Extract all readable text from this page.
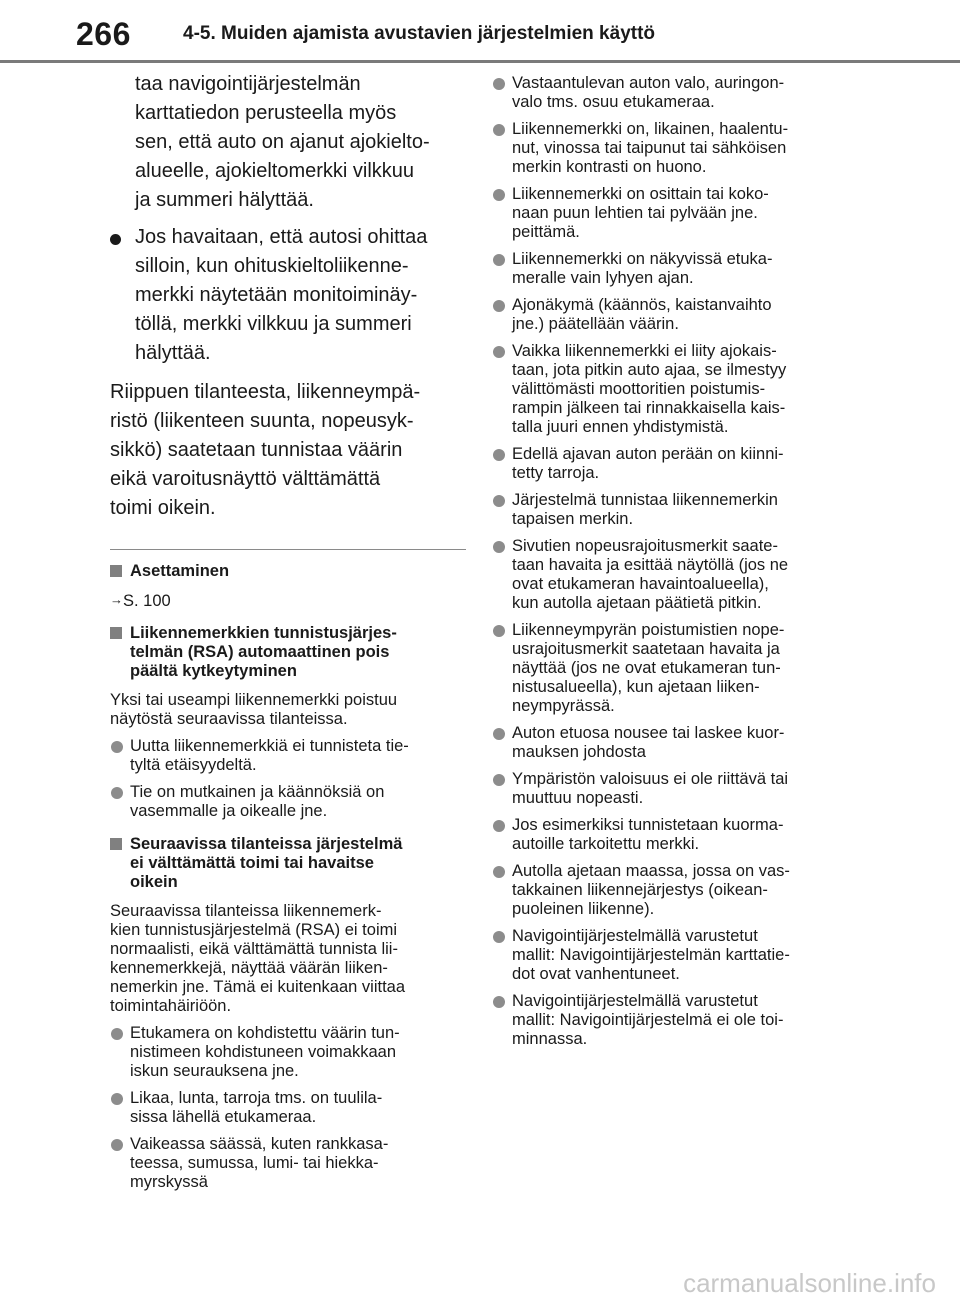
266	4-5. Muiden ajamista avustavien järjestelmien käyttö
taa navigointijärjestelmän
karttatiedon perusteella myös
sen, että auto on ajanut ajokielto-
alueelle, ajokieltomerkki vilkkuu
ja summeri hälyttää.
Jos havaitaan, että autosi ohittaa
silloin, kun ohituskieltoliikenne-
merkki näytetään monitoiminäy-
töllä, merkki vilkkuu ja summeri
hälyttää.
Riippuen tilanteesta, liikenneympä-
ristö (liikenteen suunta, nopeusyk-
sikkö) saatetaan tunnistaa väärin
eikä varoitusnäyttö välttämättä
toimi oikein.
Asettaminen
→S. 100
Liikennemerkkien tunnistusjärjes-
telmän (RSA) automaattinen pois
päältä kytkeytyminen
Yksi tai useampi liikennemerkki poistuu
näytöstä seuraavissa tilanteissa.
Uutta liikennemerkkiä ei tunnisteta tie-
tyltä etäisyydeltä.
Tie on mutkainen ja käännöksiä on
vasemmalle ja oikealle jne.
Seuraavissa tilanteissa järjestelmä
ei välttämättä toimi tai havaitse
oikein
Seuraavissa tilanteissa liikennemerk-
kien tunnistusjärjestelmä (RSA) ei toimi
normaalisti, eikä välttämättä tunnista lii-
kennemerkkejä, näyttää väärän liiken-
nemerkin jne. Tämä ei kuitenkaan viittaa
toimintahäiriöön.
Etukamera on kohdistettu väärin tun-
nistimeen kohdistuneen voimakkaan
iskun seurauksena jne.
Likaa, lunta, tarroja tms. on tuulila-
sissa lähellä etukameraa.
Vaikeassa säässä, kuten rankkasa-
teessa, sumussa, lumi- tai hiekka-
myrskyssä
Vastaantulevan auton valo, auringon-
valo tms. osuu etukameraa.
Liikennemerkki on, likainen, haalentu-
nut, vinossa tai taipunut tai sähköisen
merkin kontrasti on huono.
Liikennemerkki on osittain tai koko-
naan puun lehtien tai pylvään jne.
peittämä.
Liikennemerkki on näkyvissä etuka-
meralle vain lyhyen ajan.
Ajonäkymä (käännös, kaistanvaihto
jne.) päätellään väärin.
Vaikka liikennemerkki ei liity ajokais-
taan, jota pitkin auto ajaa, se ilmestyy
välittömästi moottoritien poistumis-
rampin jälkeen tai rinnakkaisella kais-
talla juuri ennen yhdistymistä.
Edellä ajavan auton perään on kiinni-
tetty tarroja.
Järjestelmä tunnistaa liikennemerkin
tapaisen merkin.
Sivutien nopeusrajoitusmerkit saate-
taan havaita ja esittää näytöllä (jos ne
ovat etukameran havaintoalueella),
kun autolla ajetaan päätietä pitkin.
Liikenneympyrän poistumistien nope-
usrajoitusmerkit saatetaan havaita ja
näyttää (jos ne ovat etukameran tun-
nistusalueella), kun ajetaan liiken-
neympyrässä.
Auton etuosa nousee tai laskee kuor-
mauksen johdosta
Ympäristön valoisuus ei ole riittävä tai
muuttuu nopeasti.
Jos esimerkiksi tunnistetaan kuorma-
autoille tarkoitettu merkki.
Autolla ajetaan maassa, jossa on vas-
takkainen liikennejärjestys (oikean-
puoleinen liikenne).
Navigointijärjestelmällä varustetut
mallit: Navigointijärjestelmän karttatie-
dot ovat vanhentuneet.
Navigointijärjestelmällä varustetut
mallit: Navigointijärjestelmä ei ole toi-
minnassa.
carmanualsonline.info
